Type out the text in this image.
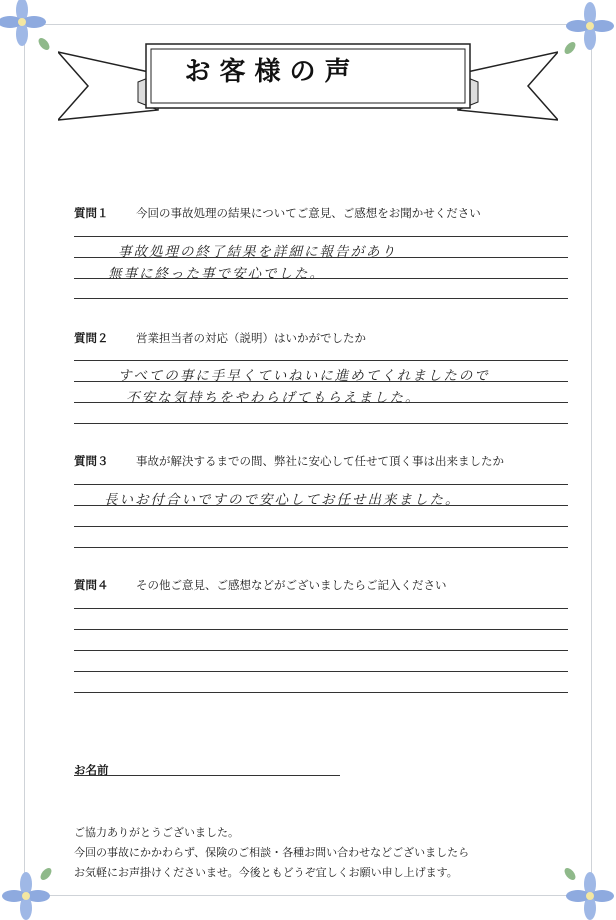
お客様の声
質問１ 今回の事故処理の結果についてご意見、ご感想をお聞かせください
事故処理の終了結果を詳細に報告があり
無事に終った事で安心でした。
質問２ 営業担当者の対応（説明）はいかがでしたか
すべての事に手早くていねいに進めてくれましたので
不安な気持ちをやわらげてもらえました。
質問３ 事故が解決するまでの間、弊社に安心して任せて頂く事は出来ましたか
長いお付合いですので安心してお任せ出来ました。
質問４ その他ご意見、ご感想などがございましたらご記入ください
お名前
ご協力ありがとうございました。
今回の事故にかかわらず、保険のご相談・各種お問い合わせなどございましたら
お気軽にお声掛けくださいませ。今後ともどうぞ宜しくお願い申し上げます。
